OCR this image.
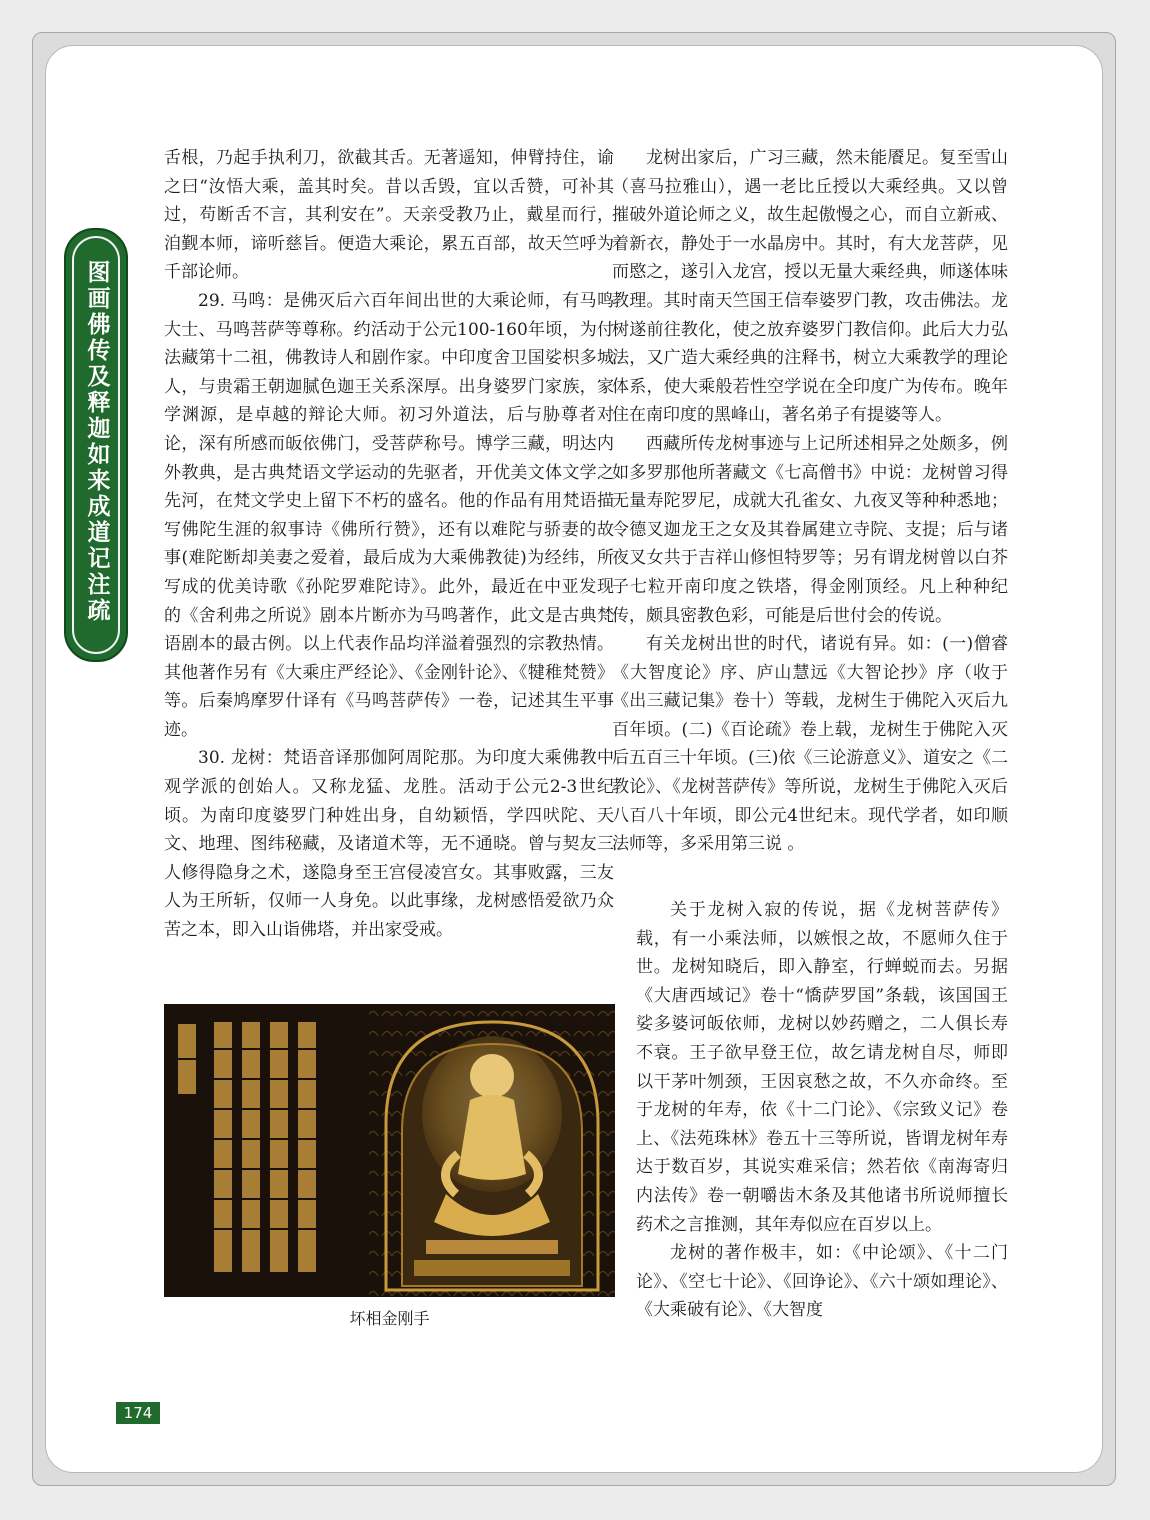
图画佛传及释迦如来成道记注疏

舌根，乃起手执利刀，欲截其舌。无著遥知，伸臂持住，谕之曰“汝悟大乘，盖其时矣。昔以舌毁，宜以舌赞，可补其过，苟断舌不言，其利安在”。天亲受教乃止，戴星而行，洎觐本师，谛听慈旨。便造大乘论，累五百部，故天竺呼为千部论师。

29. 马鸣：是佛灭后六百年间出世的大乘论师，有马鸣大士、马鸣菩萨等尊称。约活动于公元100-160年顷，为付法藏第十二祖，佛教诗人和剧作家。中印度舍卫国娑枳多城人，与贵霜王朝迦腻色迦王关系深厚。出身婆罗门家族，家学渊源，是卓越的辩论大师。初习外道法，后与胁尊者对论，深有所感而皈依佛门，受菩萨称号。博学三藏，明达内外教典，是古典梵语文学运动的先驱者，开优美文体文学之先河，在梵文学史上留下不朽的盛名。他的作品有用梵语描写佛陀生涯的叙事诗《佛所行赞》，还有以难陀与骄妻的故事(难陀断却美妻之爱着，最后成为大乘佛教徒)为经纬，所写成的优美诗歌《孙陀罗难陀诗》。此外，最近在中亚发现的《舍利弗之所说》剧本片断亦为马鸣著作，此文是古典梵语剧本的最古例。以上代表作品均洋溢着强烈的宗教热情。其他著作另有《大乘庄严经论》、《金刚针论》、《犍稚梵赞》等。后秦鸠摩罗什译有《马鸣菩萨传》一卷，记述其生平事迹。

30. 龙树：梵语音译那伽阿周陀那。为印度大乘佛教中观学派的创始人。又称龙猛、龙胜。活动于公元2-3世纪顷。为南印度婆罗门种姓出身，自幼颖悟，学四吠陀、天文、地理、图纬秘藏，及诸道术等，无不通晓。曾与契友三人修得隐身之术，遂隐身至王宫侵凌宫女。其事败露，三友人为王所斩，仅师一人身免。以此事缘，龙树感悟爱欲乃众苦之本，即入山诣佛塔，并出家受戒。

龙树出家后，广习三藏，然未能餍足。复至雪山（喜马拉雅山），遇一老比丘授以大乘经典。又以曾摧破外道论师之义，故生起傲慢之心，而自立新戒、着新衣，静处于一水晶房中。其时，有大龙菩萨，见而愍之，遂引入龙宫，授以无量大乘经典，师遂体味教理。其时南天竺国王信奉婆罗门教，攻击佛法。龙树遂前往教化，使之放弃婆罗门教信仰。此后大力弘法，又广造大乘经典的注释书，树立大乘教学的理论体系，使大乘般若性空学说在全印度广为传布。晚年住在南印度的黑峰山，著名弟子有提婆等人。

西藏所传龙树事迹与上记所述相异之处颇多，例如多罗那他所著藏文《七高僧书》中说：龙树曾习得无量寿陀罗尼，成就大孔雀女、九夜叉等种种悉地；令德叉迦龙王之女及其眷属建立寺院、支提；后与诸夜叉女共于吉祥山修怛特罗等；另有谓龙树曾以白芥子七粒开南印度之铁塔，得金刚顶经。凡上种种纪传，颇具密教色彩，可能是后世付会的传说。

有关龙树出世的时代，诸说有异。如：(一)僧睿《大智度论》序、庐山慧远《大智论抄》序（收于《出三藏记集》卷十）等载，龙树生于佛陀入灭后九百年顷。(二)《百论疏》卷上载，龙树生于佛陀入灭后五百三十年顷。(三)依《三论游意义》、道安之《二教论》、《龙树菩萨传》等所说，龙树生于佛陀入灭后八百八十年顷，即公元4世纪末。现代学者，如印顺法师等，多采用第三说 。

关于龙树入寂的传说，据《龙树菩萨传》载，有一小乘法师，以嫉恨之故，不愿师久住于世。龙树知晓后，即入静室，行蝉蜕而去。另据《大唐西域记》卷十“憍萨罗国”条载，该国国王娑多婆诃皈依师，龙树以妙药赠之，二人俱长寿不衰。王子欲早登王位，故乞请龙树自尽，师即以干茅叶刎颈，王因哀愁之故，不久亦命终。至于龙树的年寿，依《十二门论》、《宗致义记》卷上、《法苑珠林》卷五十三等所说，皆谓龙树年寿达于数百岁，其说实难采信；然若依《南海寄归内法传》卷一朝嚼齿木条及其他诸书所说师擅长药术之言推测，其年寿似应在百岁以上。

龙树的著作极丰，如：《中论颂》、《十二门论》、《空七十论》、《回诤论》、《六十颂如理论》、《大乘破有论》、《大智度

坏相金刚手
174
